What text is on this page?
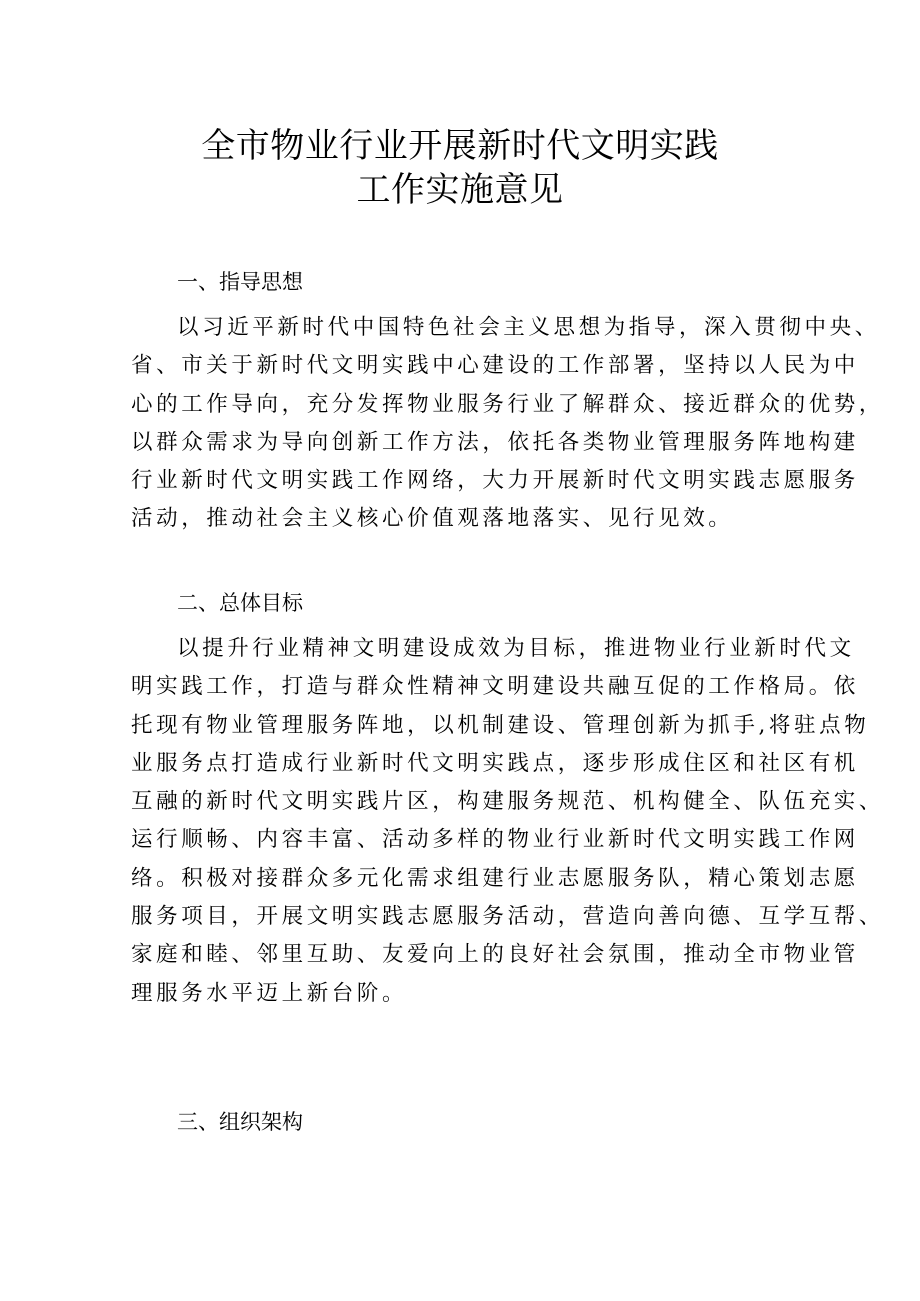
全市物业行业开展新时代文明实践
工作实施意见
一、指导思想

以习近平新时代中国特色社会主义思想为指导，深入贯彻中央、
省、市关于新时代文明实践中心建设的工作部署，坚持以人民为中
心的工作导向，充分发挥物业服务行业了解群众、接近群众的优势，
以群众需求为导向创新工作方法，依托各类物业管理服务阵地构建
行业新时代文明实践工作网络，大力开展新时代文明实践志愿服务
活动，推动社会主义核心价值观落地落实、见行见效。

二、总体目标

以提升行业精神文明建设成效为目标，推进物业行业新时代文
明实践工作，打造与群众性精神文明建设共融互促的工作格局。依
托现有物业管理服务阵地，以机制建设、管理创新为抓手,将驻点物
业服务点打造成行业新时代文明实践点，逐步形成住区和社区有机
互融的新时代文明实践片区，构建服务规范、机构健全、队伍充实、
运行顺畅、内容丰富、活动多样的物业行业新时代文明实践工作网
络。积极对接群众多元化需求组建行业志愿服务队，精心策划志愿
服务项目，开展文明实践志愿服务活动，营造向善向德、互学互帮、
家庭和睦、邻里互助、友爱向上的良好社会氛围，推动全市物业管
理服务水平迈上新台阶。

三、组织架构
